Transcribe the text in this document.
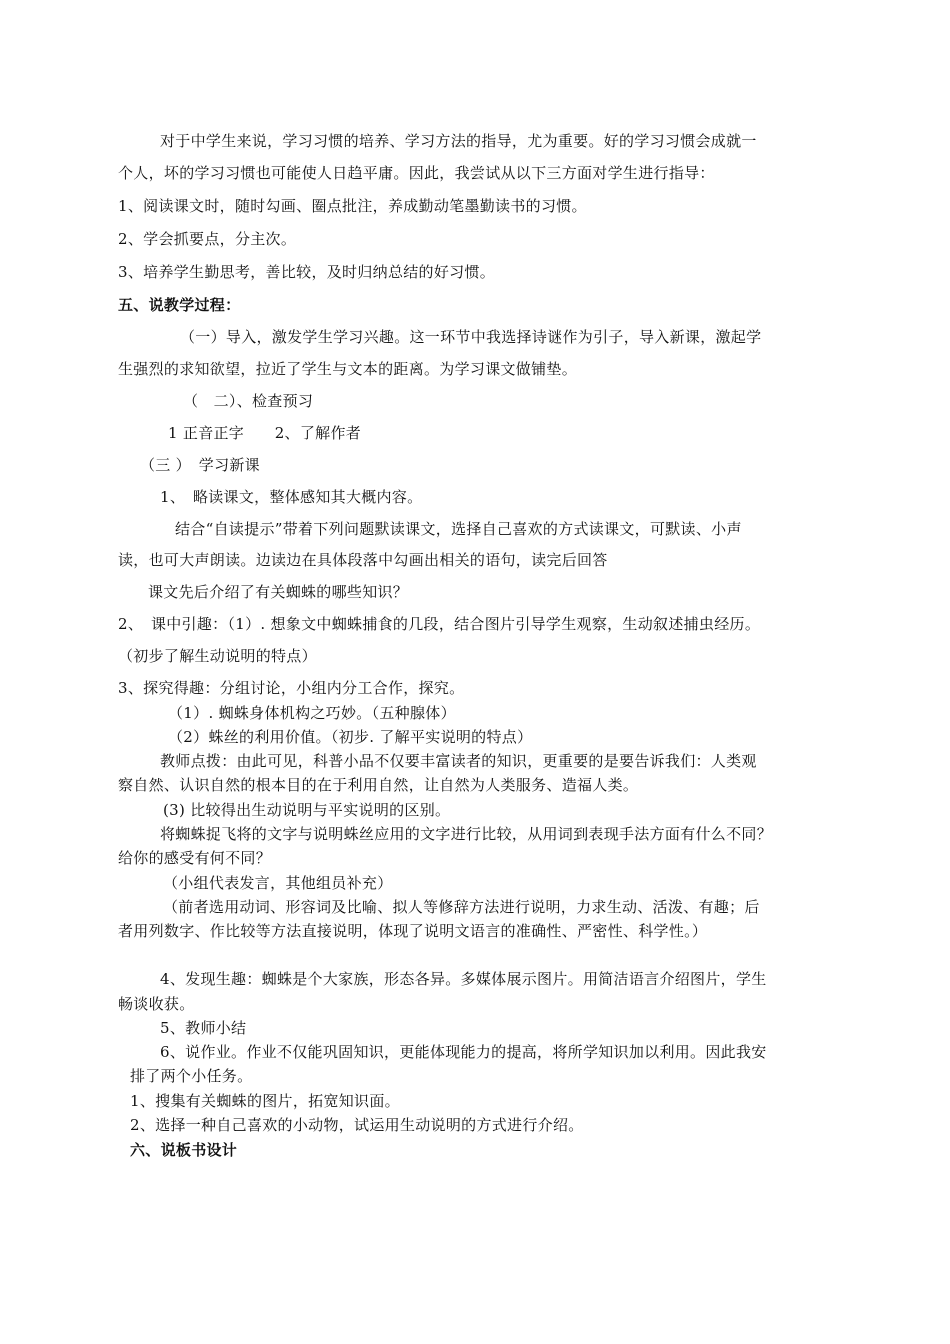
对于中学生来说，学习习惯的培养、学习方法的指导，尤为重要。好的学习习惯会成就一
个人，坏的学习习惯也可能使人日趋平庸。因此，我尝试从以下三方面对学生进行指导：
1、阅读课文时，随时勾画、圈点批注，养成勤动笔墨勤读书的习惯。
2、学会抓要点，分主次。
3、培养学生勤思考，善比较，及时归纳总结的好习惯。
五、说教学过程：
（一）导入，激发学生学习兴趣。这一环节中我选择诗谜作为引子，导入新课，激起学
生强烈的求知欲望，拉近了学生与文本的距离。为学习课文做铺垫。
（　二）、检查预习
1 正音正字　　2、了解作者
（三 ）　学习新课
1、　略读课文，整体感知其大概内容。
结合“自读提示”带着下列问题默读课文，选择自己喜欢的方式读课文，可默读、小声
读，也可大声朗读。边读边在具体段落中勾画出相关的语句，读完后回答
课文先后介绍了有关蜘蛛的哪些知识？
2、　课中引趣：（1）. 想象文中蜘蛛捕食的几段，结合图片引导学生观察，生动叙述捕虫经历。
（初步了解生动说明的特点）
3、探究得趣：分组讨论，小组内分工合作，探究。
（1）. 蜘蛛身体机构之巧妙。（五种腺体）
（2）蛛丝的利用价值。（初步. 了解平实说明的特点）
教师点拨：由此可见，科普小品不仅要丰富读者的知识，更重要的是要告诉我们：人类观
察自然、认识自然的根本目的在于利用自然，让自然为人类服务、造福人类。
(3) 比较得出生动说明与平实说明的区别。
将蜘蛛捉飞将的文字与说明蛛丝应用的文字进行比较，从用词到表现手法方面有什么不同？
给你的感受有何不同？
（小组代表发言，其他组员补充）
（前者选用动词、形容词及比喻、拟人等修辞方法进行说明，力求生动、活泼、有趣；后
者用列数字、作比较等方法直接说明，体现了说明文语言的准确性、严密性、科学性。）
4、发现生趣：蜘蛛是个大家族，形态各异。多媒体展示图片。用简洁语言介绍图片，学生
畅谈收获。
5、教师小结
6、说作业。作业不仅能巩固知识，更能体现能力的提高，将所学知识加以利用。因此我安
排了两个小任务。
1、搜集有关蜘蛛的图片，拓宽知识面。
2、选择一种自己喜欢的小动物，试运用生动说明的方式进行介绍。
六、说板书设计
